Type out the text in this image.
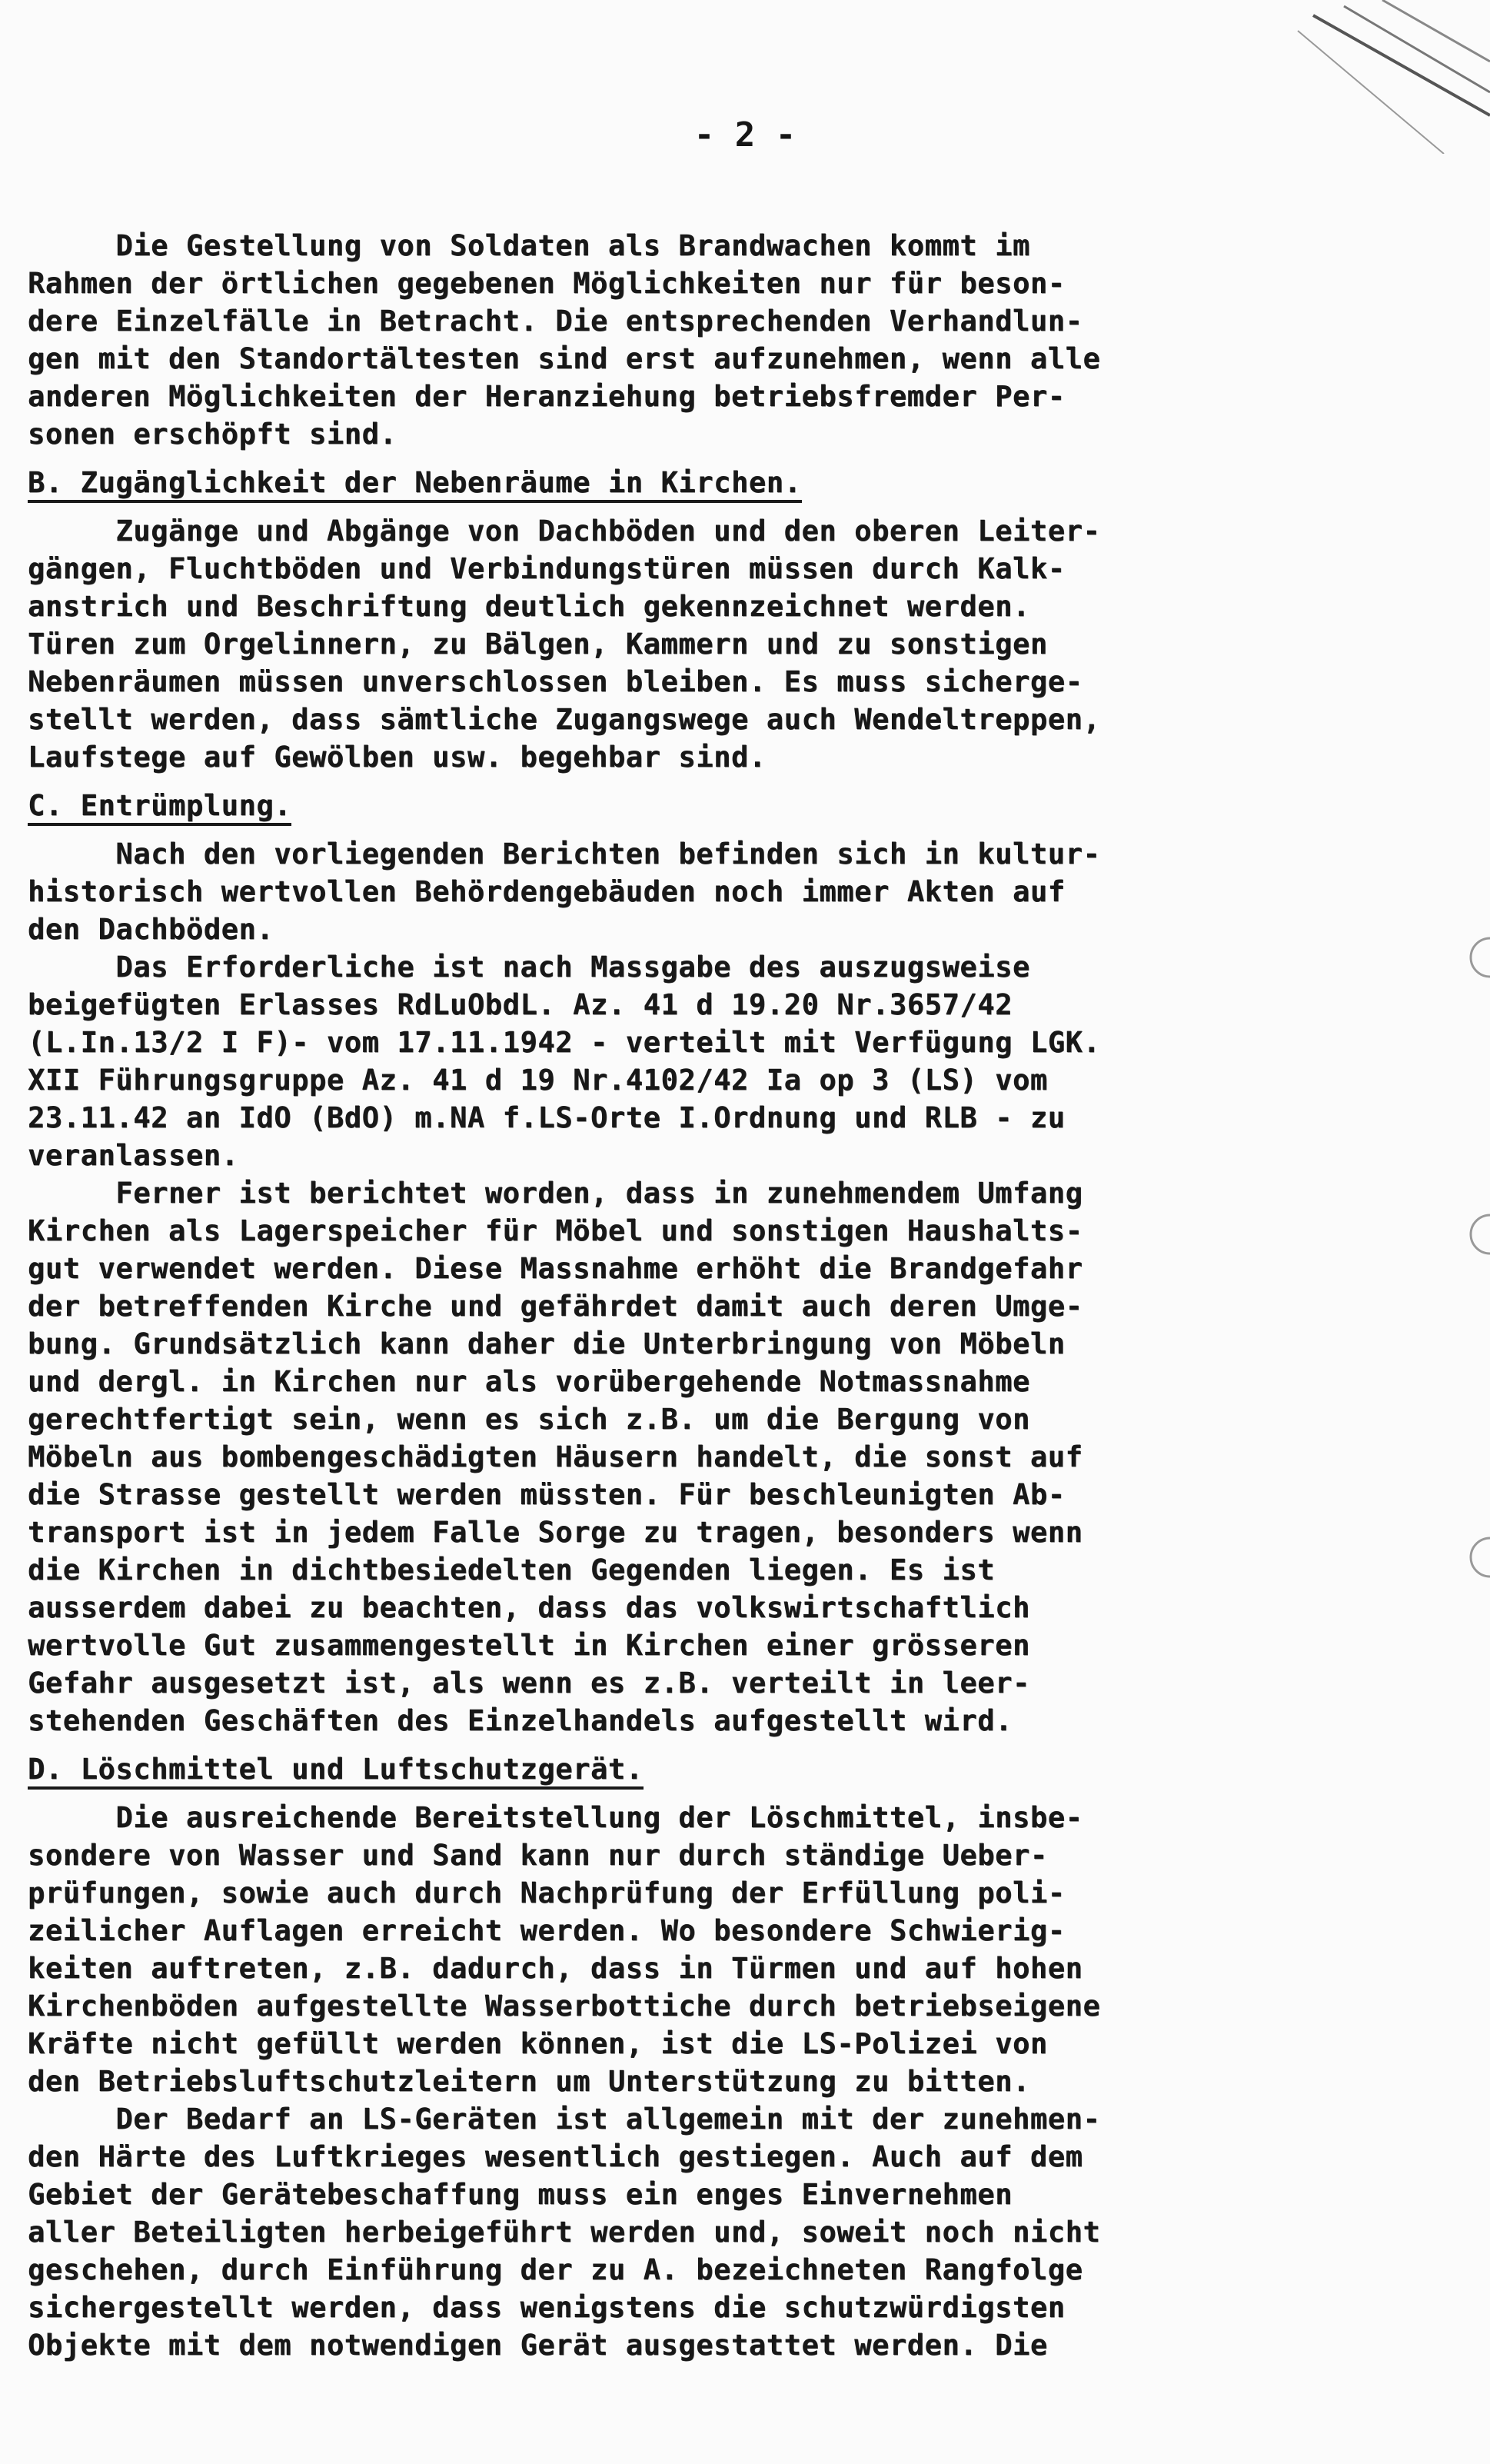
- 2 -
Die Gestellung von Soldaten als Brandwachen kommt im
Rahmen der örtlichen gegebenen Möglichkeiten nur für beson-
dere Einzelfälle in Betracht. Die entsprechenden Verhandlun-
gen mit den Standortältesten sind erst aufzunehmen, wenn alle
anderen Möglichkeiten der Heranziehung betriebsfremder Per-
sonen erschöpft sind.
B. Zugänglichkeit der Nebenräume in Kirchen.
Zugänge und Abgänge von Dachböden und den oberen Leiter-
gängen, Fluchtböden und Verbindungstüren müssen durch Kalk-
anstrich und Beschriftung deutlich gekennzeichnet werden.
Türen zum Orgelinnern, zu Bälgen, Kammern und zu sonstigen
Nebenräumen müssen unverschlossen bleiben. Es muss sicherge-
stellt werden, dass sämtliche Zugangswege auch Wendeltreppen,
Laufstege auf Gewölben usw. begehbar sind.
C. Entrümplung.
Nach den vorliegenden Berichten befinden sich in kultur-
historisch wertvollen Behördengebäuden noch immer Akten auf
den Dachböden.
Das Erforderliche ist nach Massgabe des auszugsweise
beigefügten Erlasses RdLuObdL. Az. 41 d 19.20 Nr.3657/42
(L.In.13/2 I F)- vom 17.11.1942 - verteilt mit Verfügung LGK.
XII Führungsgruppe Az. 41 d 19 Nr.4102/42 Ia op 3 (LS) vom
23.11.42 an IdO (BdO) m.NA f.LS-Orte I.Ordnung und RLB - zu
veranlassen.
Ferner ist berichtet worden, dass in zunehmendem Umfang
Kirchen als Lagerspeicher für Möbel und sonstigen Haushalts-
gut verwendet werden. Diese Massnahme erhöht die Brandgefahr
der betreffenden Kirche und gefährdet damit auch deren Umge-
bung. Grundsätzlich kann daher die Unterbringung von Möbeln
und dergl. in Kirchen nur als vorübergehende Notmassnahme
gerechtfertigt sein, wenn es sich z.B. um die Bergung von
Möbeln aus bombengeschädigten Häusern handelt, die sonst auf
die Strasse gestellt werden müssten. Für beschleunigten Ab-
transport ist in jedem Falle Sorge zu tragen, besonders wenn
die Kirchen in dichtbesiedelten Gegenden liegen. Es ist
ausserdem dabei zu beachten, dass das volkswirtschaftlich
wertvolle Gut zusammengestellt in Kirchen einer grösseren
Gefahr ausgesetzt ist, als wenn es z.B. verteilt in leer-
stehenden Geschäften des Einzelhandels aufgestellt wird.
D. Löschmittel und Luftschutzgerät.
Die ausreichende Bereitstellung der Löschmittel, insbe-
sondere von Wasser und Sand kann nur durch ständige Ueber-
prüfungen, sowie auch durch Nachprüfung der Erfüllung poli-
zeilicher Auflagen erreicht werden. Wo besondere Schwierig-
keiten auftreten, z.B. dadurch, dass in Türmen und auf hohen
Kirchenböden aufgestellte Wasserbottiche durch betriebseigene
Kräfte nicht gefüllt werden können, ist die LS-Polizei von
den Betriebsluftschutzleitern um Unterstützung zu bitten.
Der Bedarf an LS-Geräten ist allgemein mit der zunehmen-
den Härte des Luftkrieges wesentlich gestiegen. Auch auf dem
Gebiet der Gerätebeschaffung muss ein enges Einvernehmen
aller Beteiligten herbeigeführt werden und, soweit noch nicht
geschehen, durch Einführung der zu A. bezeichneten Rangfolge
sichergestellt werden, dass wenigstens die schutzwürdigsten
Objekte mit dem notwendigen Gerät ausgestattet werden. Die
